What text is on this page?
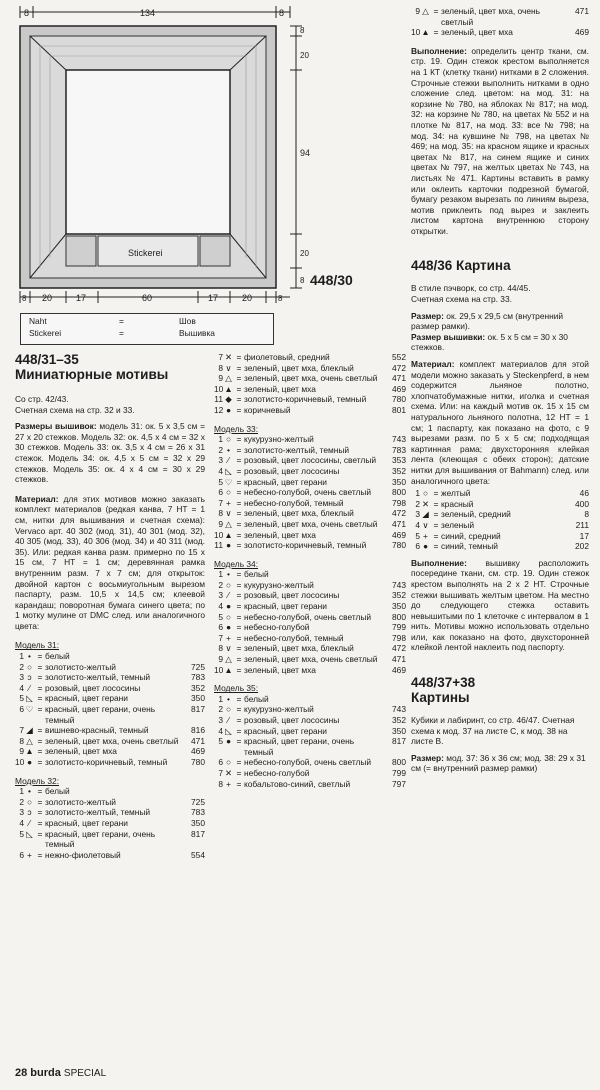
8	134	8
Stickerei
8
20
94
20
8
8 20	17	60	17	20	8
448/30
Naht	=	Шов
Stickerei	=	Вышивка
448/31–35
Миниатюрные мотивы
Со стр. 42/43.
Счетная схема на стр. 32 и 33.
Размеры вышивок: модель 31: ок. 5 х 3,5 см = 27 х 20 стежков. Модель 32: ок. 4,5 х 4 см = 32 х 30 стежков. Модель 33: ок. 3,5 х 4 см = 26 х 31 стежок. Модель 34: ок. 4,5 х 5 см = 32 х 29 стежков. Модель 35: ок. 4 х 4 см = 30 х 29 стежков.
Материал: для этих мотивов можно заказать комплект материалов (редкая канва, 7 НТ = 1 см, нитки для вышивания и счетная схема): Vervaco арт. 40 302 (мод. 31), 40 301 (мод. 32), 40 305 (мод. 33), 40 306 (мод. 34) и 40 311 (мод. 35). Или: редкая канва разм. примерно по 15 х 15 см, 7 НТ = 1 см; деревянная рамка внутренним разм. 7 х 7 см; для открыток: двойной картон с восьмиугольным вырезом паспарту, разм. 10,5 х 14,5 см; клеевой карандаш; поворотная бумага синего цвета; по 1 мотку мулине от DMC след. или аналогичного цвета:
Модель 31:
1 • = белый
2 ○ = золотисто-желтый	725
3 ↄ = золотисто-желтый, темный	783
4 ⁄ = розовый, цвет лососины	352
5 ◺ = красный, цвет герани	350
6 ♡ = красный, цвет герани, очень темный
817
7 ◢ = вишнево-красный, темный	816
8 △ = зеленый, цвет мха, очень светлый	471
9 ▲ = зеленый, цвет мха	469
10 ● = золотисто-коричневый, темный	780
Модель 32:
1 • = белый
2 ○ = золотисто-желтый	725
3 ↄ = золотисто-желтый, темный	783
4 ⁄ = красный, цвет герани	350
5 ◺ = красный, цвет герани, очень темный
817
6 + = нежно-фиолетовый	554
28 burda SPECIAL
7 ✕ = фиолетовый, средний	552
8 ∨ = зеленый, цвет мха, блеклый	472
9 △ = зеленый, цвет мха, очень светлый	471
10 ▲ = зеленый, цвет мха	469
11 ◆ = золотисто-коричневый, темный	780
12 ● = коричневый	801
Модель 33:
1 ○ = кукурузно-желтый	743
2 • = золотисто-желтый, темный	783
3 ⁄ = розовый, цвет лососины, светлый	353
4 ◺ = розовый, цвет лососины	352
5 ♡ = красный, цвет герани	350
6 ○ = небесно-голубой, очень светлый	800
7 + = небесно-голубой, темный	798
8 ∨ = зеленый, цвет мха, блеклый	472
9 △ = зеленый, цвет мха, очень светлый	471
10 ▲ = зеленый, цвет мха	469
11 ● = золотисто-коричневый, темный	780
Модель 34:
1 • = белый
2 ○ = кукурузно-желтый	743
3 ⁄ = розовый, цвет лососины	352
4 ● = красный, цвет герани	350
5 ○ = небесно-голубой, очень светлый	800
6 ● = небесно-голубой	799
7 + = небесно-голубой, темный	798
8 ∨ = зеленый, цвет мха, блеклый	472
9 △ = зеленый, цвет мха, очень светлый	471
10 ▲ = зеленый, цвет мха	469
Модель 35:
1 • = белый
2 ○ = кукурузно-желтый	743
3 ⁄ = розовый, цвет лососины	352
4 ◺ = красный, цвет герани	350
5 ● = красный, цвет герани, очень темный
817
6 ○ = небесно-голубой, очень светлый	800
7 ✕ = небесно-голубой	799
8 + = кобальтово-синий, светлый	797
9 △ = зеленый, цвет мха, очень светлый
471
10 ▲ = зеленый, цвет мха	469
Выполнение: определить центр ткани, см. стр. 19. Один стежок крестом выполняется на 1 КТ (клетку ткани) нитками в 2 сложения. Строчные стежки выполнить нитками в одно сложение след. цветом: на мод. 31: на корзине № 780, на яблоках № 817; на мод. 32: на корзине № 780, на цветах № 552 и на плотке № 817, на мод. 33: все № 798; на мод. 34: на кувшине № 798, на цветах № 469; на мод. 35: на красном ящике и красных цветах № 817, на синем ящике и синих цветах № 797, на желтых цветах № 743, на листьях № 471. Картины вставить в рамку или оклеить карточки подрезной бумагой, бумагу резаком вырезать по линиям выреза, мотив приклеить под вырез и заклеить листом картона внутреннюю сторону открытки.
448/36 Картина
В стиле пэчворк, со стр. 44/45.
Счетная схема на стр. 33.
Размер: ок. 29,5 х 29,5 см (внутренний размер рамки).
Размер вышивки: ок. 5 х 5 см = 30 х 30 стежков.
Материал: комплект материалов для этой модели можно заказать у Steckenpferd, в нем содержится льняное полотно, хлопчатобумажные нитки, иголка и счетная схема. Или: на каждый мотив ок. 15 х 15 см натурального льняного полотна, 12 НТ = 1 см; 1 паспарту, как показано на фото, с 9 вырезами разм. по 5 х 5 см; подходящая картинная рама; двухсторонняя клейкая лента (клеющая с обеих сторон); датские нитки для вышивания от Bahmann) след. или аналогичного цвета:
1 ○ = желтый	46
2 ✕ = красный	400
3 ◢ = зеленый, средний	8
4 ∨ = зеленый	211
5 + = синий, средний	17
6 ● = синий, темный	202
Выполнение: вышивку расположить посередине ткани, см. стр. 19. Один стежок крестом выполнять на 2 х 2 НТ. Строчные стежки вышивать желтым цветом. На местно до следующего стежка оставить невышитыми по 1 клеточке с интервалом в 1 нить. Мотивы можно использовать отдельно или, как показано на фото, двухсторонней клейкой лентой наклеить под паспорту.
448/37+38
Картины
Кубики и лабиринт, со стр. 46/47. Счетная схема к мод. 37 на листе С, к мод. 38 на листе В.
Размер: мод. 37: 36 х 36 см; мод. 38: 29 х 31 см (= внутренний размер рамки)
